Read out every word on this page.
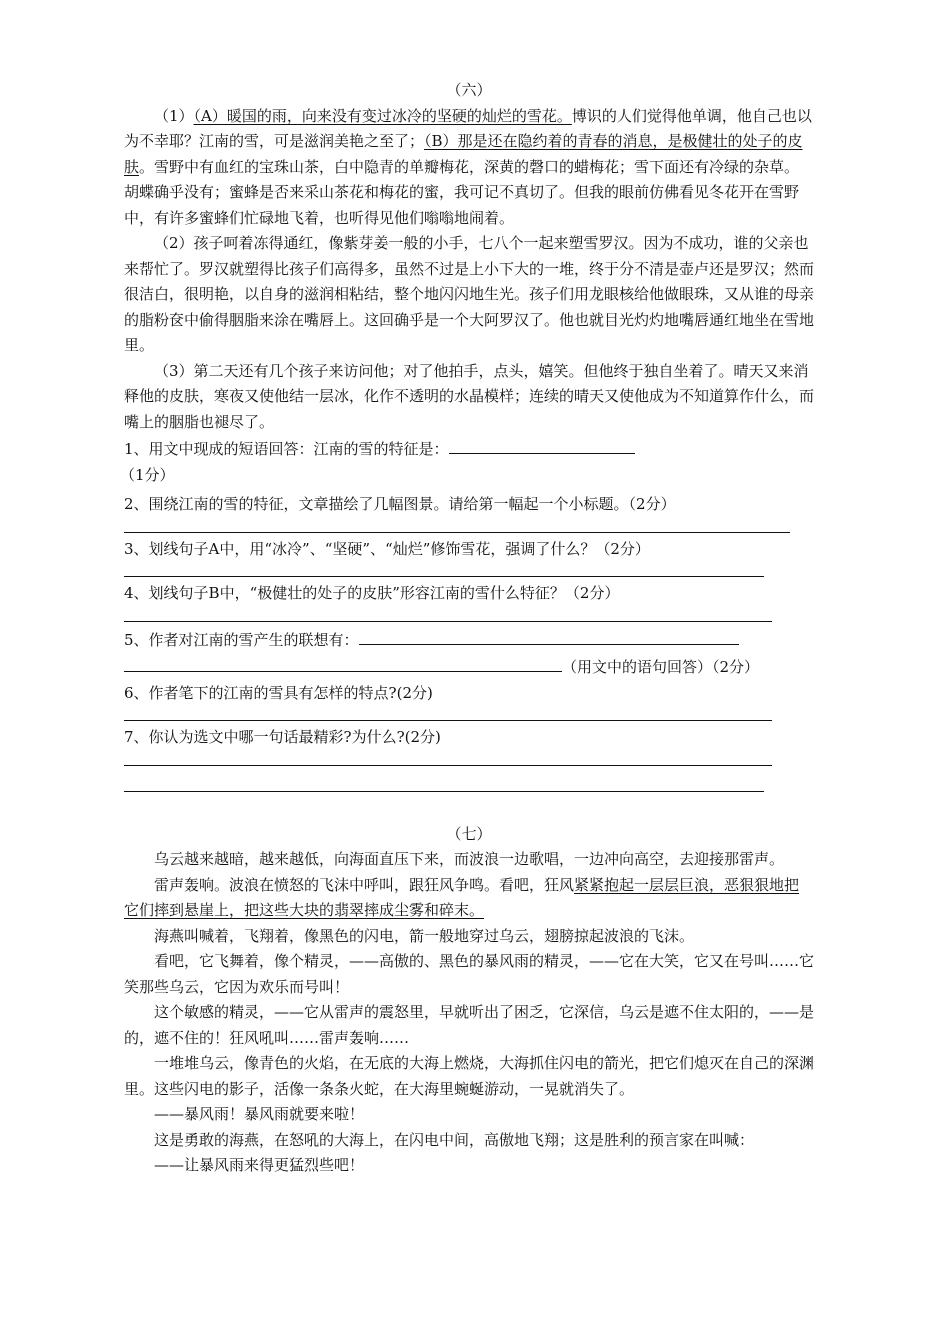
（六）

（1）（A）暖国的雨，向来没有变过冰冷的坚硬的灿烂的雪花。博识的人们觉得他单调，他自己也以为不幸耶？江南的雪，可是滋润美艳之至了；（B）那是还在隐约着的青春的消息，是极健壮的处子的皮肤。雪野中有血红的宝珠山茶，白中隐青的单瓣梅花，深黄的磬口的蜡梅花；雪下面还有冷绿的杂草。胡蝶确乎没有；蜜蜂是否来采山茶花和梅花的蜜，我可记不真切了。但我的眼前仿佛看见冬花开在雪野中，有许多蜜蜂们忙碌地飞着，也听得见他们嗡嗡地闹着。

（2）孩子呵着冻得通红，像紫芽姜一般的小手，七八个一起来塑雪罗汉。因为不成功，谁的父亲也来帮忙了。罗汉就塑得比孩子们高得多，虽然不过是上小下大的一堆，终于分不清是壶卢还是罗汉；然而很洁白，很明艳，以自身的滋润相粘结，整个地闪闪地生光。孩子们用龙眼核给他做眼珠，又从谁的母亲的脂粉奁中偷得胭脂来涂在嘴唇上。这回确乎是一个大阿罗汉了。他也就目光灼灼地嘴唇通红地坐在雪地里。

（3）第二天还有几个孩子来访问他；对了他拍手，点头，嬉笑。但他终于独自坐着了。晴天又来消释他的皮肤，寒夜又使他结一层冰，化作不透明的水晶模样；连续的晴天又使他成为不知道算作什么，而嘴上的胭脂也褪尽了。

1、用文中现成的短语回答：江南的雪的特征是：

（1分）

2、围绕江南的雪的特征，文章描绘了几幅图景。请给第一幅起一个小标题。（2分）

3、划线句子A中，用“冰冷”、“坚硬”、“灿烂”修饰雪花，强调了什么？（2分）

4、划线句子B中，“极健壮的处子的皮肤”形容江南的雪什么特征？（2分）

5、作者对江南的雪产生的联想有：

（用文中的语句回答）（2分）

6、作者笔下的江南的雪具有怎样的特点?(2分)

7、你认为选文中哪一句话最精彩?为什么?(2分)

（七）

乌云越来越暗，越来越低，向海面直压下来，而波浪一边歌唱，一边冲向高空，去迎接那雷声。

雷声轰响。波浪在愤怒的飞沫中呼叫，跟狂风争鸣。看吧，狂风紧紧抱起一层层巨浪，恶狠狠地把它们摔到悬崖上，把这些大块的翡翠摔成尘雾和碎末。

海燕叫喊着，飞翔着，像黑色的闪电，箭一般地穿过乌云，翅膀掠起波浪的飞沫。

看吧，它飞舞着，像个精灵，——高傲的、黑色的暴风雨的精灵，——它在大笑，它又在号叫……它笑那些乌云，它因为欢乐而号叫！

这个敏感的精灵，——它从雷声的震怒里，早就听出了困乏，它深信，乌云是遮不住太阳的，——是的，遮不住的！狂风吼叫……雷声轰响……

一堆堆乌云，像青色的火焰，在无底的大海上燃烧，大海抓住闪电的箭光，把它们熄灭在自己的深渊里。这些闪电的影子，活像一条条火蛇，在大海里蜿蜒游动，一晃就消失了。

——暴风雨！暴风雨就要来啦！

这是勇敢的海燕，在怒吼的大海上，在闪电中间，高傲地飞翔；这是胜利的预言家在叫喊：

——让暴风雨来得更猛烈些吧！
